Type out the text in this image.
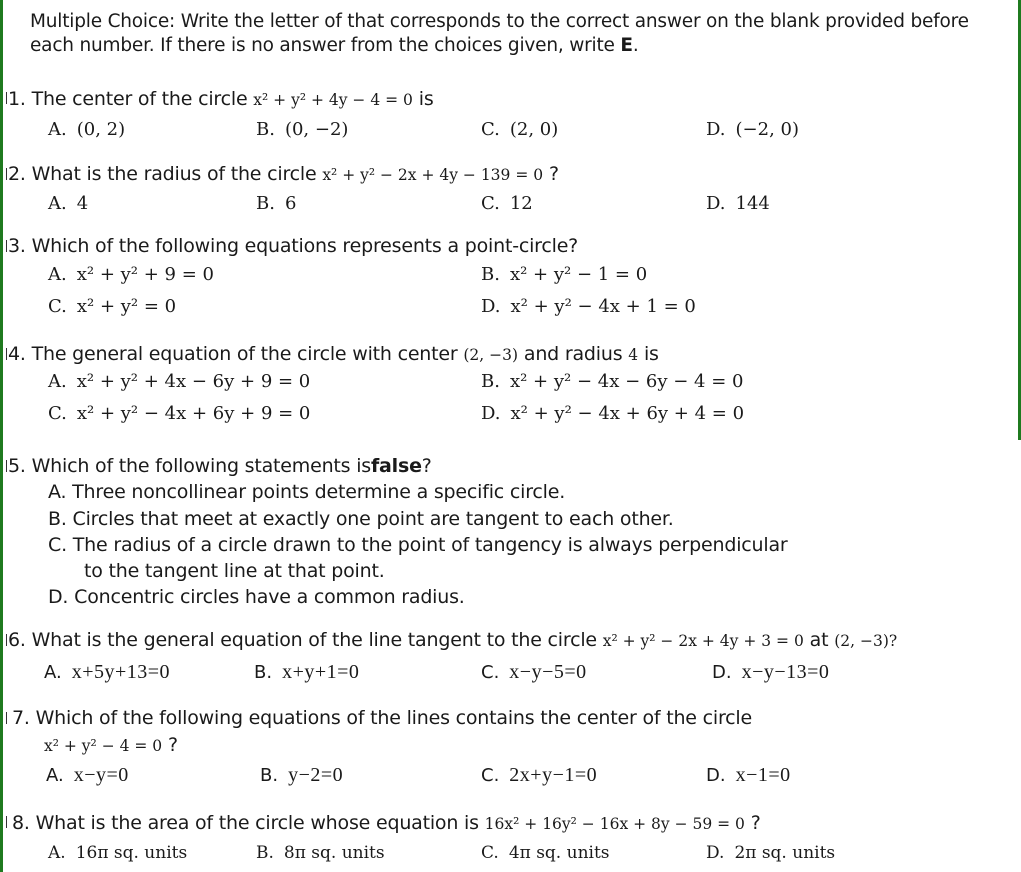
Multiple Choice: Write the letter of that corresponds to the correct answer on the blank provided before each number. If there is no answer from the choices given, write E.
1. The center of the circle x² + y² + 4y − 4 = 0 is
A. (0, 2)	B. (0, −2)	C. (2, 0)	D. (−2, 0)
2. What is the radius of the circle x² + y² − 2x + 4y − 139 = 0 ?
A. 4	B. 6	C. 12	D. 144
3. Which of the following equations represents a point-circle?
A. x² + y² + 9 = 0	B. x² + y² − 1 = 0
C. x² + y² = 0	D. x² + y² − 4x + 1 = 0
4. The general equation of the circle with center (2, −3) and radius 4 is
A. x² + y² + 4x − 6y + 9 = 0	B. x² + y² − 4x − 6y − 4 = 0
C. x² + y² − 4x + 6y + 9 = 0	D. x² + y² − 4x + 6y + 4 = 0
5. Which of the following statements isfalse?
A. Three noncollinear points determine a specific circle.
B. Circles that meet at exactly one point are tangent to each other.
C. The radius of a circle drawn to the point of tangency is always perpendicular
to the tangent line at that point.
D. Concentric circles have a common radius.
6. What is the general equation of the line tangent to the circle x² + y² − 2x + 4y + 3 = 0 at (2, −3)?
A. x+5y+13=0	B. x+y+1=0	C. x−y−5=0	D. x−y−13=0
7. Which of the following equations of the lines contains the center of the circle
x² + y² − 4 = 0 ?
A. x−y=0	B. y−2=0	C. 2x+y−1=0	D. x−1=0
8. What is the area of the circle whose equation is 16x² + 16y² − 16x + 8y − 59 = 0 ?
A. 16π sq. units	B. 8π sq. units	C. 4π sq. units	D. 2π sq. units
